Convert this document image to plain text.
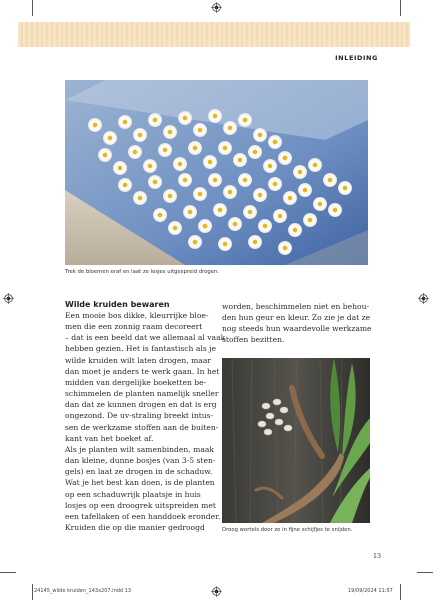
INLEIDING
Trek de bloemen eraf en laat ze losjes uitgespreid drogen.
Wilde kruiden bewaren
Een mooie bos dikke, kleurrijke bloe-
men die een zonnig raam decoreert
– dat is een beeld dat we allemaal al vaak
hebben gezien. Het is fantastisch als je
wilde kruiden wilt laten drogen, maar
dan moet je anders te werk gaan. In het
midden van dergelijke boeketten be-
schimmelen de planten namelijk sneller
dan dat ze kunnen drogen en dat is erg
ongezond. De uv-straling breekt intus-
sen de werkzame stoffen aan de buiten-
kant van het boeket af.
Als je planten wilt samenbinden, maak
dan kleine, dunne bosjes (van 3-5 sten-
gels) en laat ze drogen in de schaduw.
Wat je het best kan doen, is de planten
op een schaduwrijk plaatsje in huis
losjes op een droogrek uitspreiden met
een tafellaken of een handdoek eronder.
Kruiden die op die manier gedroogd
worden, beschimmelen niet en behou-
den hun geur en kleur. Zo zie je dat ze
nog steeds hun waardevolle werkzame
stoffen bezitten.
Droog wortels door ze in fijne schijfjes te snijden.
13
24145_wilde kruiden_143x207.indd 13	19/09/2024 11:57
